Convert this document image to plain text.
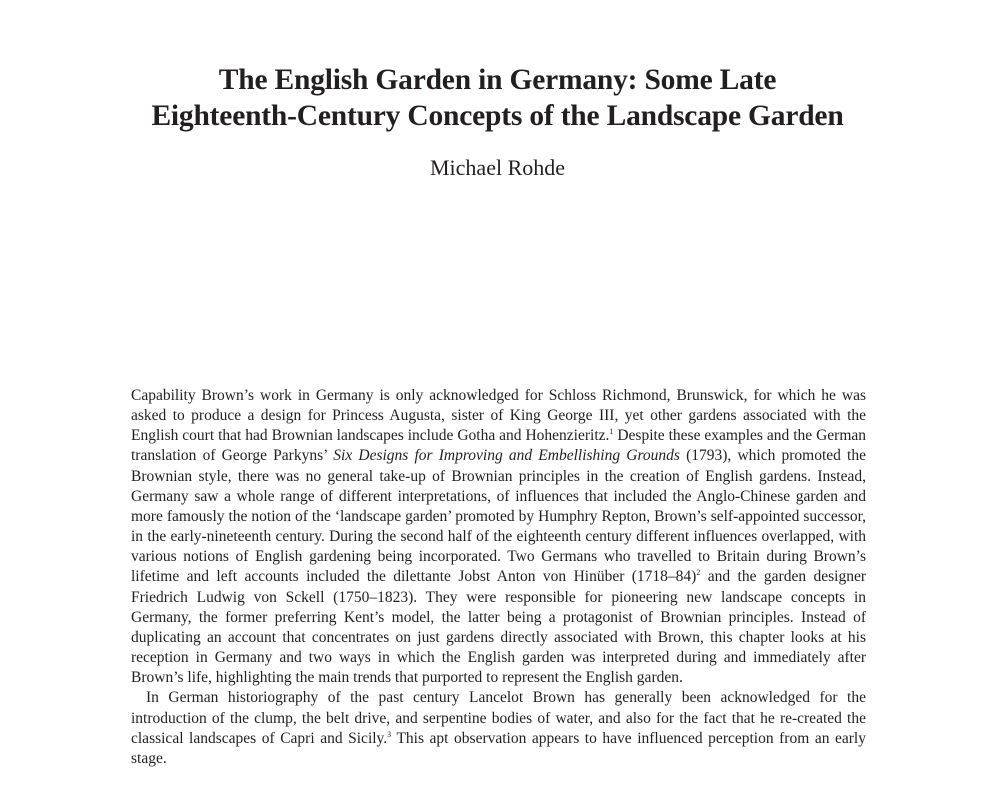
The English Garden in Germany: Some Late
Eighteenth-Century Concepts of the Landscape Garden
Michael Rohde

Capability Brown’s work in Germany is only acknowledged for Schloss Richmond, Brunswick, for which he was asked to produce a design for Princess Augusta, sister of King George III, yet other gardens associated with the English court that had Brownian landscapes include Gotha and Hohenzieritz.$^1$ Despite these examples and the German translation of George Parkyns’ Six Designs for Improving and Embellishing Grounds (1793), which promoted the Brownian style, there was no general take-up of Brownian principles in the creation of English gardens. Instead, Germany saw a whole range of different interpretations, of influences that included the Anglo-Chinese garden and more famously the notion of the ‘landscape garden’ promoted by Humphry Repton, Brown’s self-appointed successor, in the early-nineteenth century. During the second half of the eighteenth century different influences overlapped, with various notions of English gardening being incorporated. Two Germans who travelled to Britain during Brown’s lifetime and left accounts included the dilettante Jobst Anton von Hinüber (1718–84)$^2$ and the garden designer Friedrich Ludwig von Sckell (1750–1823). They were responsible for pioneering new landscape concepts in Germany, the former preferring Kent’s model, the latter being a protagonist of Brownian principles. Instead of duplicating an account that concentrates on just gardens directly associated with Brown, this chapter looks at his reception in Germany and two ways in which the English garden was interpreted during and immediately after Brown’s life, highlighting the main trends that purported to represent the English garden.

In German historiography of the past century Lancelot Brown has generally been acknowledged for the introduction of the clump, the belt drive, and serpentine bodies of water, and also for the fact that he re-created the classical landscapes of Capri and Sicily.$^3$ This apt observation appears to have influenced perception from an early stage.
